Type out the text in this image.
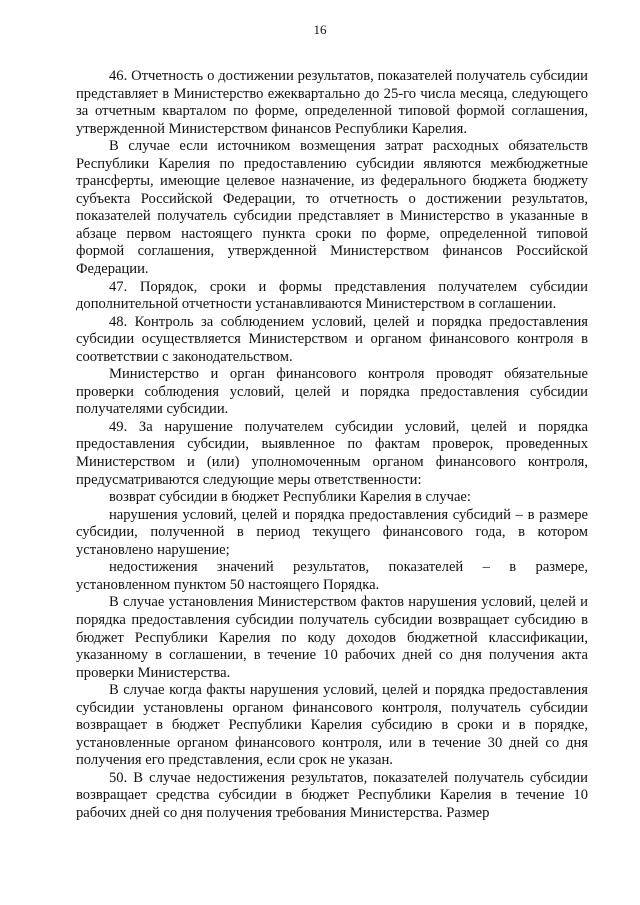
16

46. Отчетность о достижении результатов, показателей получатель субсидии представляет в Министерство ежеквартально до 25-го числа месяца, следующего за отчетным кварталом по форме, определенной типовой формой соглашения, утвержденной Министерством финансов Республики Карелия.

В случае если источником возмещения затрат расходных обязательств Республики Карелия по предоставлению субсидии являются межбюджетные трансферты, имеющие целевое назначение, из федерального бюджета бюджету субъекта Российской Федерации, то отчетность о достижении результатов, показателей получатель субсидии представляет в Министерство в указанные в абзаце первом настоящего пункта сроки по форме, определенной типовой формой соглашения, утвержденной Министерством финансов Российской Федерации.

47. Порядок, сроки и формы представления получателем субсидии дополнительной отчетности устанавливаются Министерством в соглашении.

48. Контроль за соблюдением условий, целей и порядка предоставления субсидии осуществляется Министерством и органом финансового контроля в соответствии с законодательством.

Министерство и орган финансового контроля проводят обязательные проверки соблюдения условий, целей и порядка предоставления субсидии получателями субсидии.

49. За нарушение получателем субсидии условий, целей и порядка предоставления субсидии, выявленное по фактам проверок, проведенных Министерством и (или) уполномоченным органом финансового контроля, предусматриваются следующие меры ответственности:

возврат субсидии в бюджет Республики Карелия в случае:

нарушения условий, целей и порядка предоставления субсидий – в размере субсидии, полученной в период текущего финансового года, в котором установлено нарушение;

недостижения значений результатов, показателей – в размере, установленном пунктом 50 настоящего Порядка.

В случае установления Министерством фактов нарушения условий, целей и порядка предоставления субсидии получатель субсидии возвращает субсидию в бюджет Республики Карелия по коду доходов бюджетной классификации, указанному в соглашении, в течение 10 рабочих дней со дня получения акта проверки Министерства.

В случае когда факты нарушения условий, целей и порядка предоставления субсидии установлены органом финансового контроля, получатель субсидии возвращает в бюджет Республики Карелия субсидию в сроки и в порядке, установленные органом финансового контроля, или в течение 30 дней со дня получения его представления, если срок не указан.

50. В случае недостижения результатов, показателей получатель субсидии возвращает средства субсидии в бюджет Республики Карелия в течение 10 рабочих дней со дня получения требования Министерства. Размер
